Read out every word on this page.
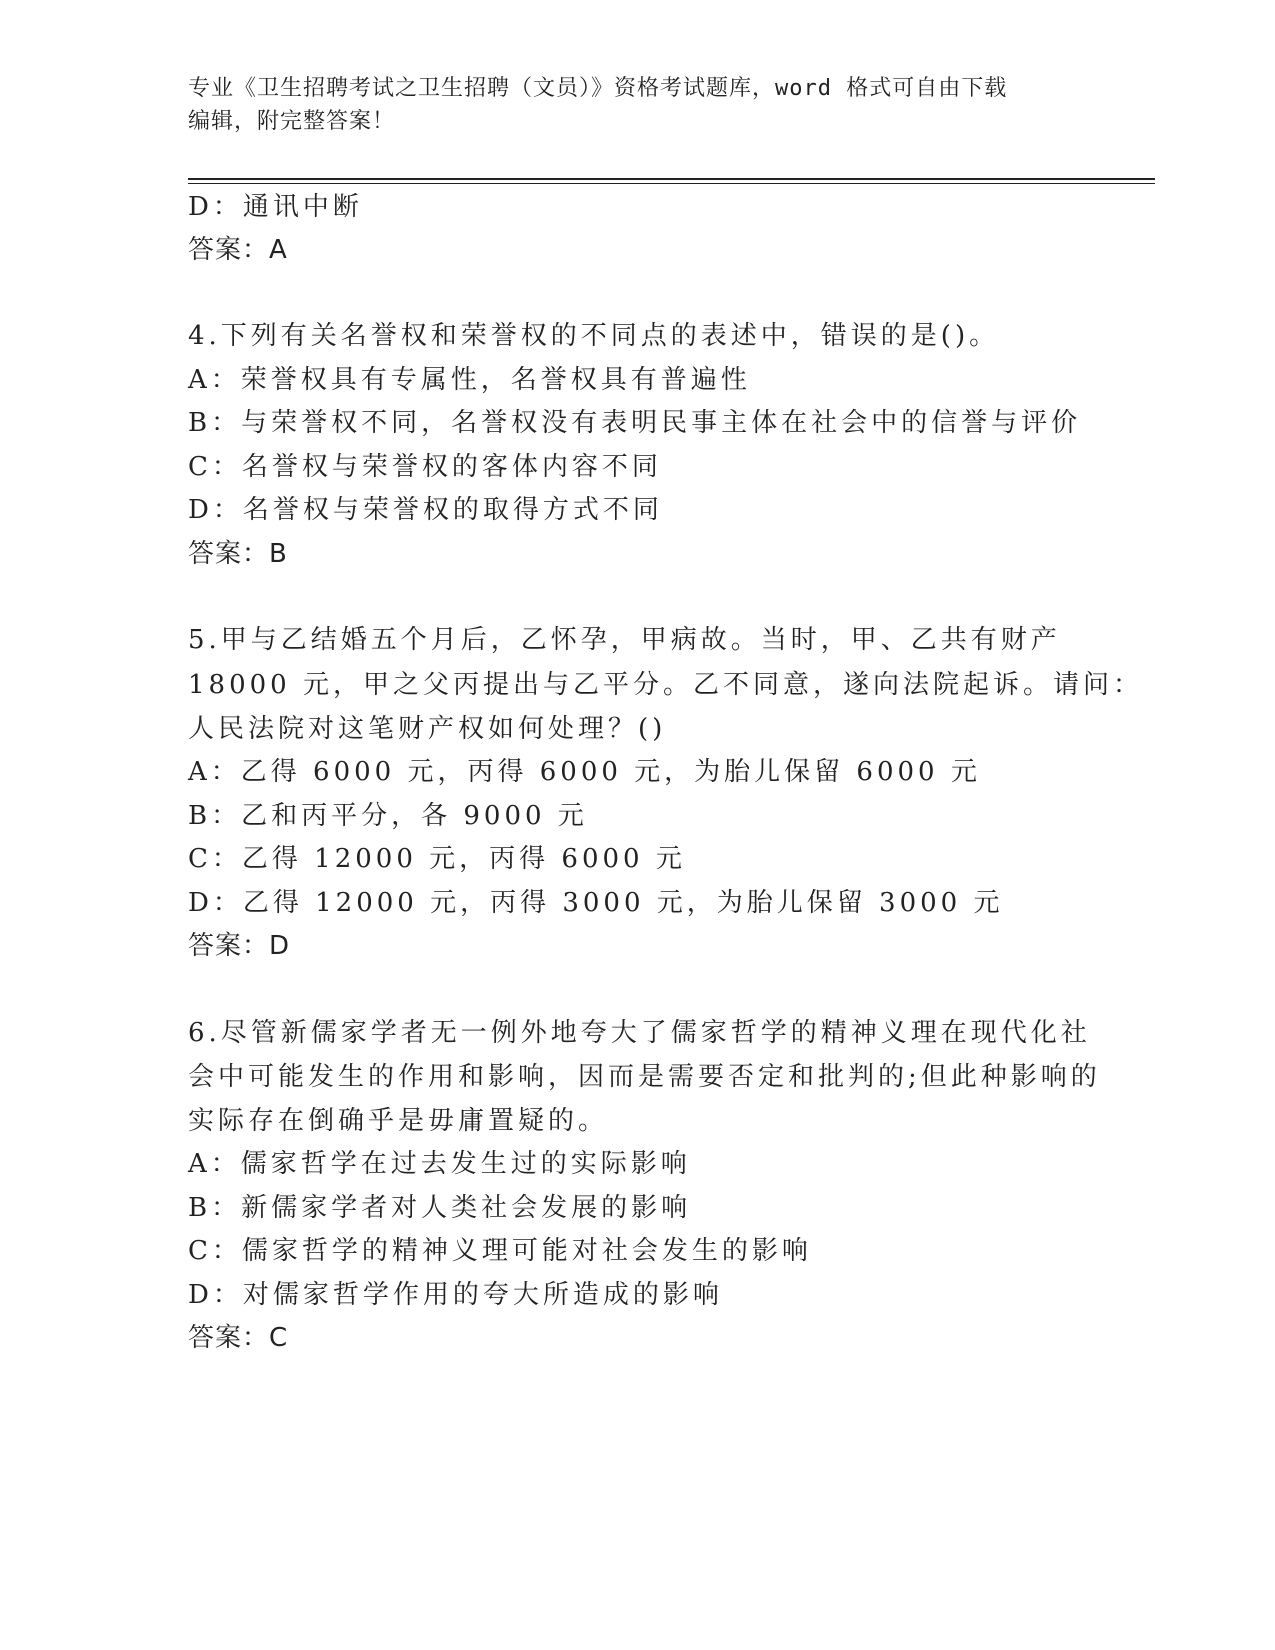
专业《卫生招聘考试之卫生招聘（文员）》资格考试题库，word 格式可自由下载
编辑，附完整答案！
D：通讯中断
答案：A
4.下列有关名誉权和荣誉权的不同点的表述中，错误的是()。
A：荣誉权具有专属性，名誉权具有普遍性
B：与荣誉权不同，名誉权没有表明民事主体在社会中的信誉与评价
C：名誉权与荣誉权的客体内容不同
D：名誉权与荣誉权的取得方式不同
答案：B
5.甲与乙结婚五个月后，乙怀孕，甲病故。当时，甲、乙共有财产
18000 元，甲之父丙提出与乙平分。乙不同意，遂向法院起诉。请问：
人民法院对这笔财产权如何处理？()
A：乙得 6000 元，丙得 6000 元，为胎儿保留 6000 元
B：乙和丙平分，各 9000 元
C：乙得 12000 元，丙得 6000 元
D：乙得 12000 元，丙得 3000 元，为胎儿保留 3000 元
答案：D
6.尽管新儒家学者无一例外地夸大了儒家哲学的精神义理在现代化社
会中可能发生的作用和影响，因而是需要否定和批判的;但此种影响的
实际存在倒确乎是毋庸置疑的。
A：儒家哲学在过去发生过的实际影响
B：新儒家学者对人类社会发展的影响
C：儒家哲学的精神义理可能对社会发生的影响
D：对儒家哲学作用的夸大所造成的影响
答案：C
